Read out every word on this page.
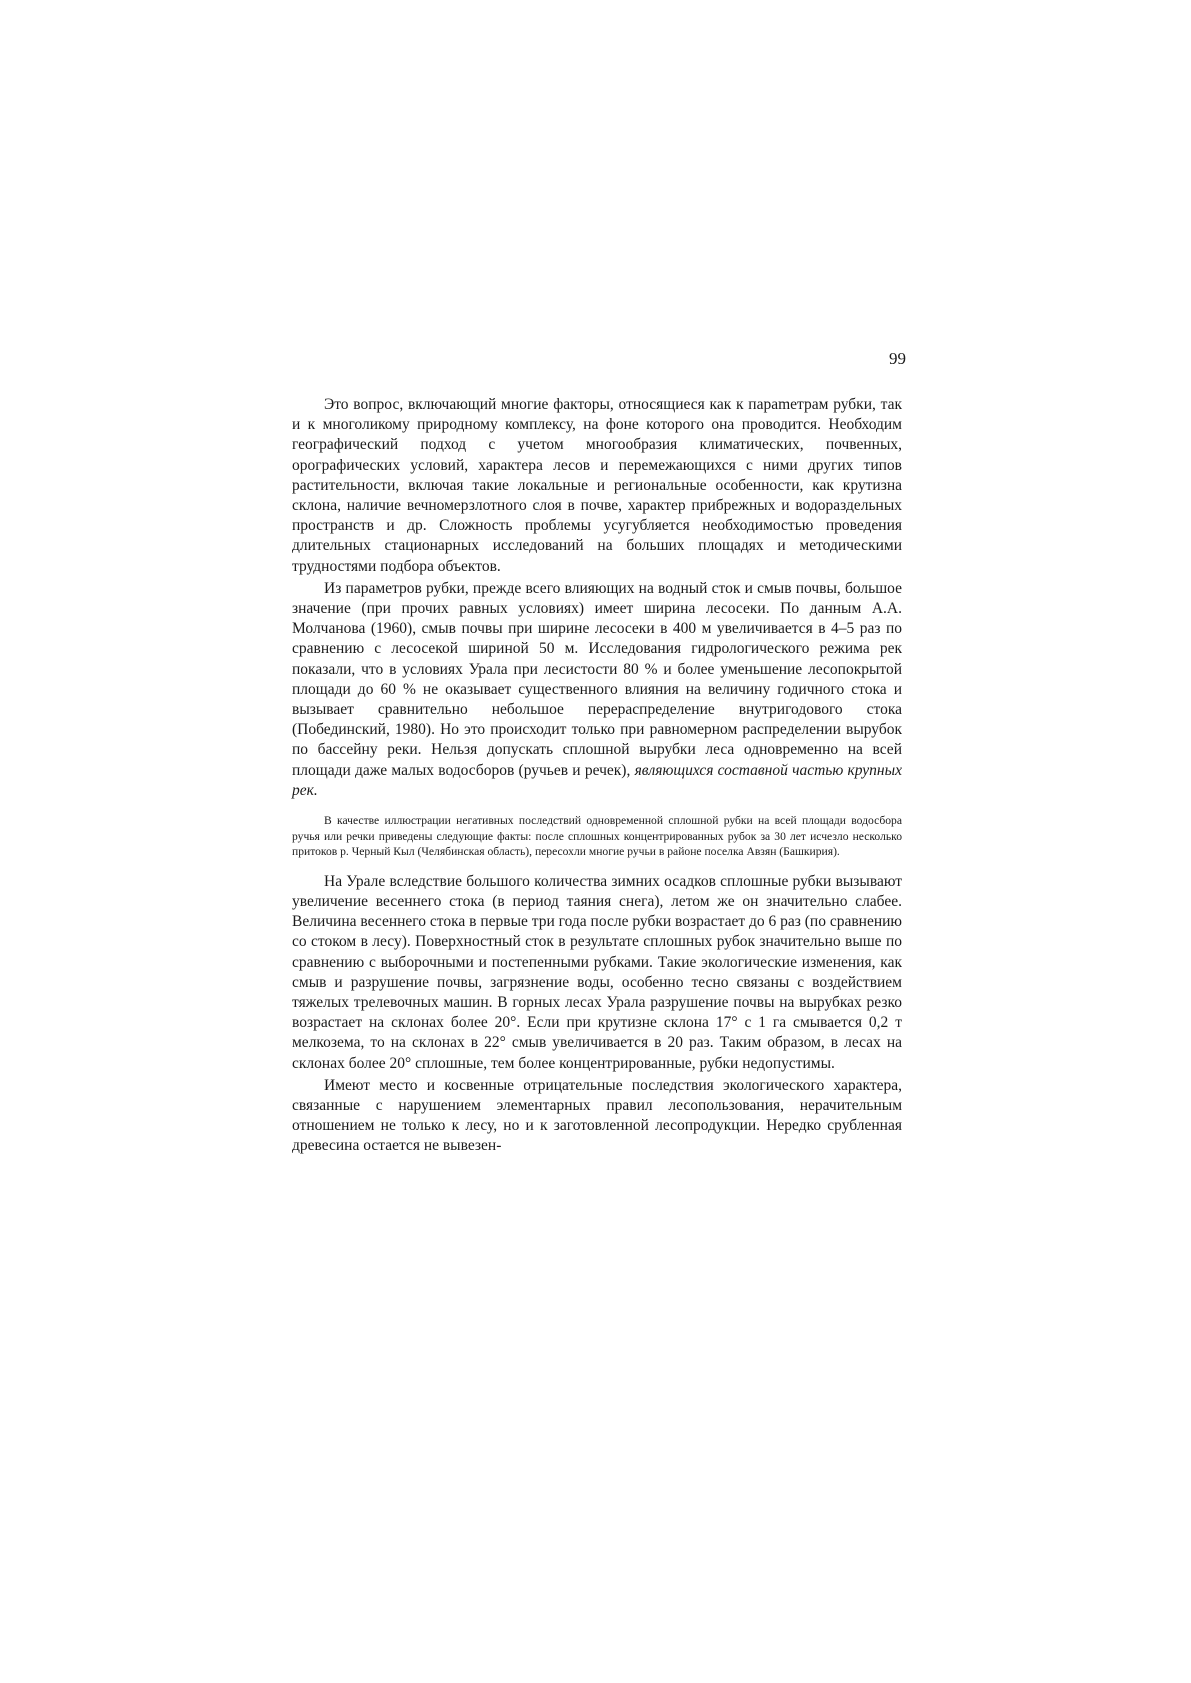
99

Это вопрос, включающий многие факторы, относящиеся как к параmетрам рубки, так и к многоликому природному комплексу, на фоне которого она проводится. Необходим географический подход с учетом многообразия климатических, почвенных, орографических условий, характера лесов и перемежающихся с ними других типов растительности, включая такие локальные и региональные особенности, как крутизна склона, наличие вечномерзлотного слоя в почве, характер прибрежных и водораздельных пространств и др. Сложность проблемы усугубляется необходимостью проведения длительных стационарных исследований на больших площадях и методическими трудностями подбора объектов.

Из параметров рубки, прежде всего влияющих на водный сток и смыв почвы, большое значение (при прочих равных условиях) имеет ширина лесосеки. По данным А.А. Молчанова (1960), смыв почвы при ширине лесосеки в 400 м увеличивается в 4–5 раз по сравнению с лесосекой шириной 50 м. Исследования гидрологического режима рек показали, что в условиях Урала при лесистости 80 % и более уменьшение лесопокрытой площади до 60 % не оказывает существенного влияния на величину годичного стока и вызывает сравнительно небольшое перераспределение внутригодового стока (Побединский, 1980). Но это происходит только при равномерном распределении вырубок по бассейну реки. Нельзя допускать сплошной вырубки леса одновременно на всей площади даже малых водосборов (ручьев и речек), являющихся составной частью крупных рек.

В качестве иллюстрации негативных последствий одновременной сплошной рубки на всей площади водосбора ручья или речки приведены следующие факты: после сплошных концентрированных рубок за 30 лет исчезло несколько притоков р. Черный Кыл (Челябинская область), пересохли многие ручьи в районе поселка Авзян (Башкирия).

На Урале вследствие большого количества зимних осадков сплошные рубки вызывают увеличение весеннего стока (в период таяния снега), летом же он значительно слабее. Величина весеннего стока в первые три года после рубки возрастает до 6 раз (по сравнению со стоком в лесу). Поверхностный сток в результате сплошных рубок значительно выше по сравнению с выборочными и постепенными рубками. Такие экологические изменения, как смыв и разрушение почвы, загрязнение воды, особенно тесно связаны с воздействием тяжелых трелевочных машин. В горных лесах Урала разрушение почвы на вырубках резко возрастает на склонах более 20°. Если при крутизне склона 17° с 1 га смывается 0,2 т мелкозема, то на склонах в 22° смыв увеличивается в 20 раз. Таким образом, в лесах на склонах более 20° сплошные, тем более концентрированные, рубки недопустимы.

Имеют место и косвенные отрицательные последствия экологического характера, связанные с нарушением элементарных правил лесопользования, нерачительным отношением не только к лесу, но и к заготовленной лесопродукции. Нередко срубленная древесина остается не вывезен-
